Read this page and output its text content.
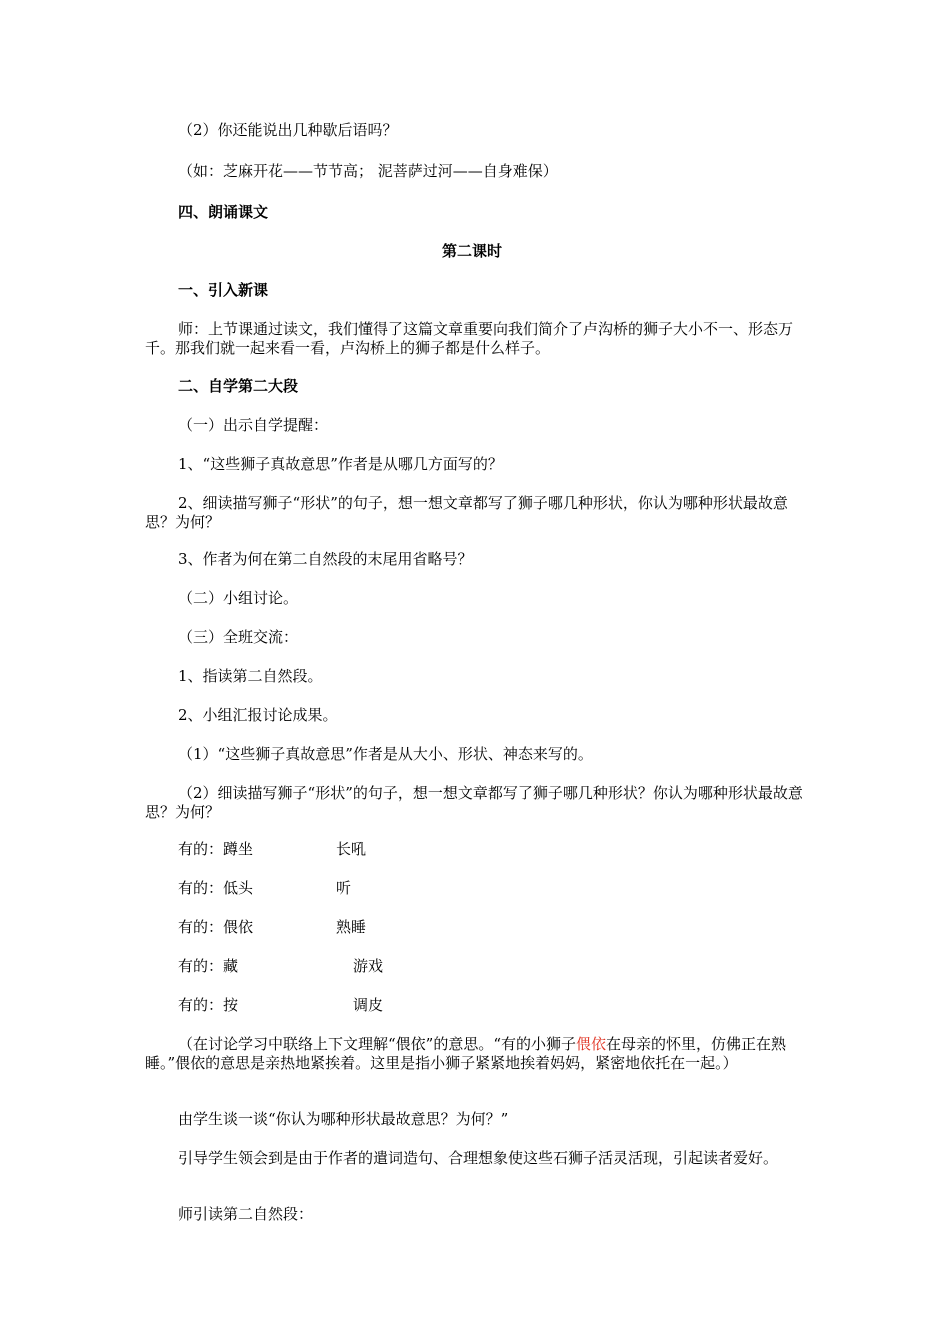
（2）你还能说出几种歇后语吗？

（如：芝麻开花——节节高； 泥菩萨过河——自身难保）

四、朗诵课文

第二课时

一、引入新课

师：上节课通过读文，我们懂得了这篇文章重要向我们简介了卢沟桥的狮子大小不一、形态万千。那我们就一起来看一看，卢沟桥上的狮子都是什么样子。

二、自学第二大段

（一）出示自学提醒：

1、“这些狮子真故意思”作者是从哪几方面写的？

2、细读描写狮子“形状”的句子，想一想文章都写了狮子哪几种形状，你认为哪种形状最故意思？为何？

3、作者为何在第二自然段的末尾用省略号？

（二）小组讨论。

（三）全班交流：

1、指读第二自然段。

2、小组汇报讨论成果。

（1）“这些狮子真故意思”作者是从大小、形状、神态来写的。

（2）细读描写狮子“形状”的句子，想一想文章都写了狮子哪几种形状？你认为哪种形状最故意思？为何？

有的：蹲坐	长吼

有的：低头	听

有的：偎依	熟睡

有的：藏	游戏

有的：按	调皮

（在讨论学习中联络上下文理解“偎依”的意思。“有的小狮子偎依在母亲的怀里，仿佛正在熟睡。”偎依的意思是亲热地紧挨着。这里是指小狮子紧紧地挨着妈妈，紧密地依托在一起。）

由学生谈一谈“你认为哪种形状最故意思？为何？”

引导学生领会到是由于作者的遣词造句、合理想象使这些石狮子活灵活现，引起读者爱好。

师引读第二自然段：
